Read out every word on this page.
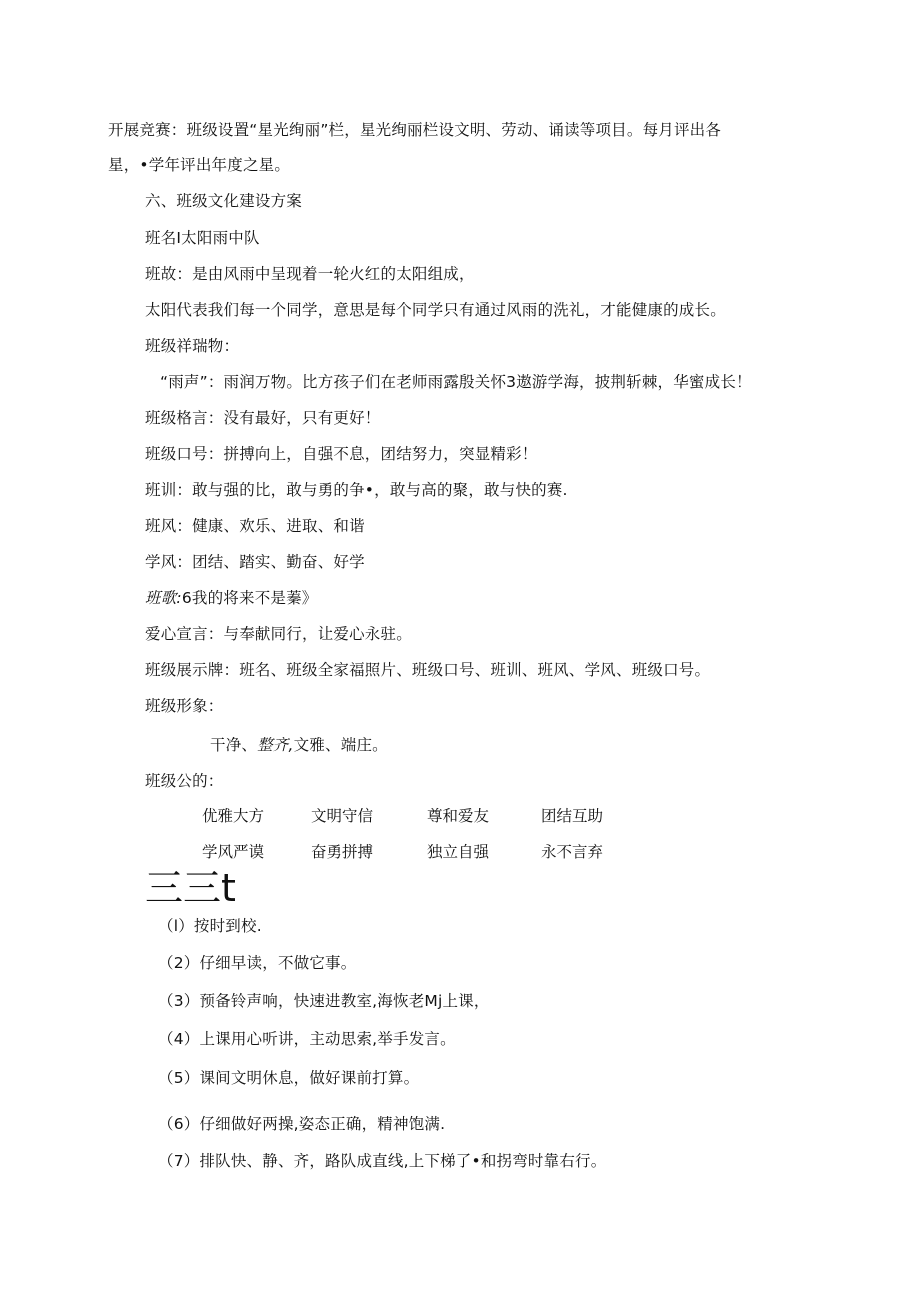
开展竞赛：班级设置“星光绚丽”栏，星光绚丽栏设文明、劳动、诵读等项目。每月评出各
星，•学年评出年度之星。
六、班级文化建设方案
班名I太阳雨中队
班故：是由风雨中呈现着一轮火红的太阳组成，
太阳代表我们每一个同学，意思是每个同学只有通过风雨的洗礼，才能健康的成长。
班级祥瑞物：
“雨声”：雨润万物。比方孩子们在老师雨露殷关怀3遨游学海，披荆斩棘，华蜜成长！
班级格言：没有最好，只有更好！
班级口号：拼搏向上，自强不息，团结努力，突显精彩！
班训：敢与强的比，敢与勇的争•，敢与高的聚，敢与快的赛.
班风：健康、欢乐、进取、和谐
学风：团结、踏实、勤奋、好学
班歌:6我的将来不是蓁》
爱心宣言：与奉献同行，让爱心永驻。
班级展示牌：班名、班级全家福照片、班级口号、班训、班风、学风、班级口号。
班级形象：
干净、整齐,文雅、端庄。
班级公的：
优雅大方	文明守信	尊和爱友	团结互助
学风严谟	奋勇拼搏	独立自强	永不言弃
三三t
（l）按时到校.
（2）仔细早读，不做它事。
（3）预备铃声响，快速进教室,海恢老Mj上课，
（4）上课用心听讲，主动思索,举手发言。
（5）课间文明休息，做好课前打算。
（6）仔细做好两操,姿态正确，精神饱满.
（7）排队快、静、齐，路队成直线,上下梯了•和拐弯时靠右行。
